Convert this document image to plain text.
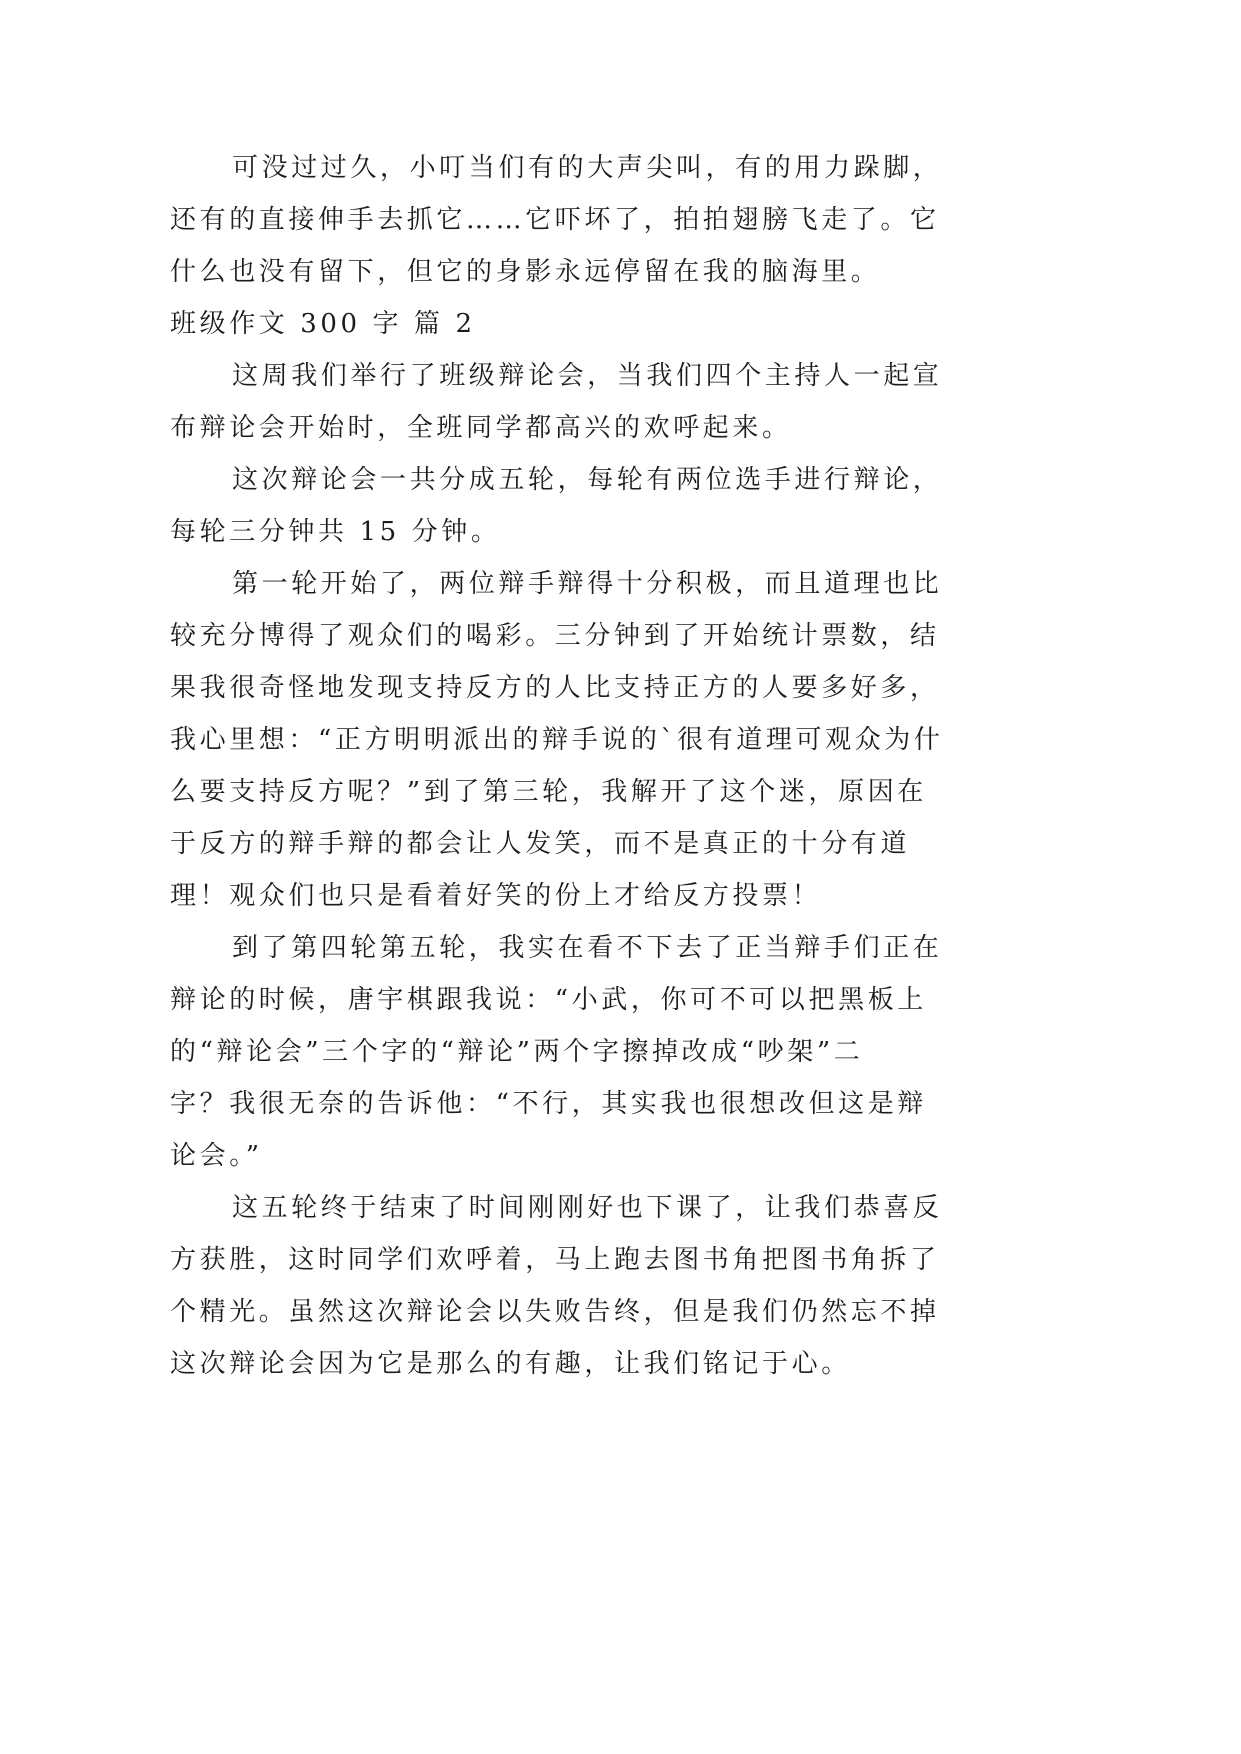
可没过过久，小叮当们有的大声尖叫，有的用力跺脚，
还有的直接伸手去抓它……它吓坏了，拍拍翅膀飞走了。它
什么也没有留下，但它的身影永远停留在我的脑海里。
班级作文 300 字 篇 2
这周我们举行了班级辩论会，当我们四个主持人一起宣
布辩论会开始时，全班同学都高兴的欢呼起来。
这次辩论会一共分成五轮，每轮有两位选手进行辩论，
每轮三分钟共 15 分钟。
第一轮开始了，两位辩手辩得十分积极，而且道理也比
较充分博得了观众们的喝彩。三分钟到了开始统计票数，结
果我很奇怪地发现支持反方的人比支持正方的人要多好多，
我心里想：“正方明明派出的辩手说的`很有道理可观众为什
么要支持反方呢？”到了第三轮，我解开了这个迷，原因在
于反方的辩手辩的都会让人发笑，而不是真正的十分有道
理！观众们也只是看着好笑的份上才给反方投票！
到了第四轮第五轮，我实在看不下去了正当辩手们正在
辩论的时候，唐宇棋跟我说：“小武，你可不可以把黑板上
的“辩论会”三个字的“辩论”两个字擦掉改成“吵架”二
字？我很无奈的告诉他：“不行，其实我也很想改但这是辩
论会。”
这五轮终于结束了时间刚刚好也下课了，让我们恭喜反
方获胜，这时同学们欢呼着，马上跑去图书角把图书角拆了
个精光。虽然这次辩论会以失败告终，但是我们仍然忘不掉
这次辩论会因为它是那么的有趣，让我们铭记于心。
